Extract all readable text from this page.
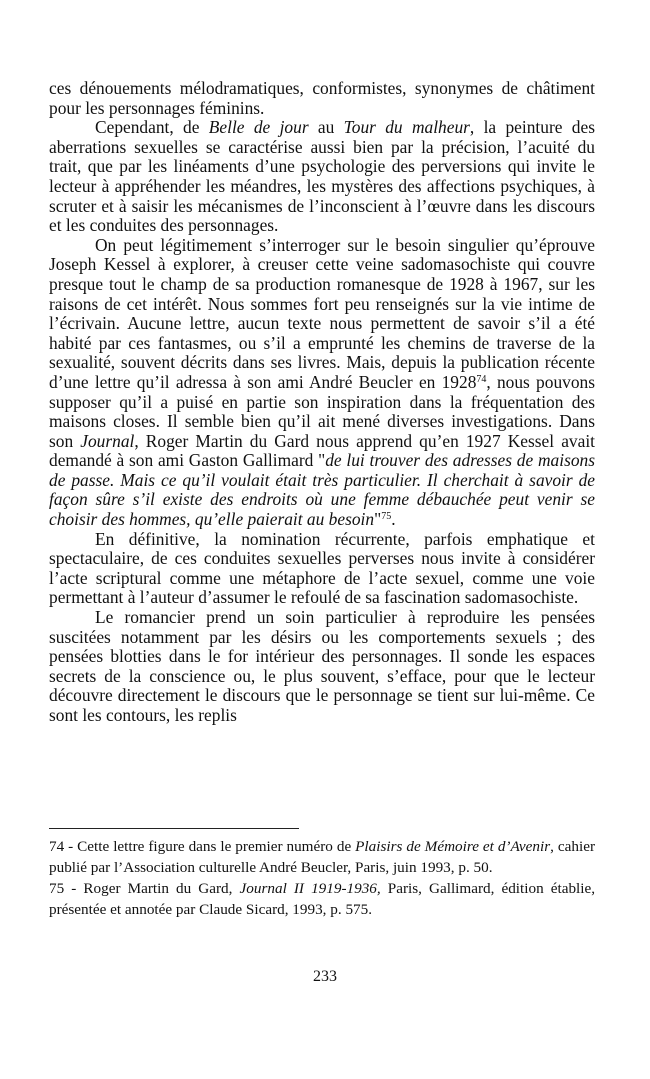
ces dénouements mélodramatiques, conformistes, synonymes de châtiment pour les personnages féminins.

Cependant, de Belle de jour au Tour du malheur, la peinture des aberrations sexuelles se caractérise aussi bien par la précision, l’acuité du trait, que par les linéaments d’une psychologie des perversions qui invite le lecteur à appréhender les méandres, les mystères des affections psychiques, à scruter et à saisir les mécanismes de l’inconscient à l’œuvre dans les discours et les conduites des personnages.

On peut légitimement s’interroger sur le besoin singulier qu’éprouve Joseph Kessel à explorer, à creuser cette veine sadomasochiste qui couvre presque tout le champ de sa production romanesque de 1928 à 1967, sur les raisons de cet intérêt. Nous sommes fort peu renseignés sur la vie intime de l’écrivain. Aucune lettre, aucun texte nous permettent de savoir s’il a été habité par ces fantasmes, ou s’il a emprunté les chemins de traverse de la sexualité, souvent décrits dans ses livres. Mais, depuis la publication récente d’une lettre qu’il adressa à son ami André Beucler en 1928$^{74}$, nous pouvons supposer qu’il a puisé en partie son inspiration dans la fréquentation des maisons closes. Il semble bien qu’il ait mené diverses investigations. Dans son Journal, Roger Martin du Gard nous apprend qu’en 1927 Kessel avait demandé à son ami Gaston Gallimard "de lui trouver des adresses de maisons de passe. Mais ce qu’il voulait était très particulier. Il cherchait à savoir de façon sûre s’il existe des endroits où une femme débauchée peut venir se choisir des hommes, qu’elle paierait au besoin"$^{75}$.

En définitive, la nomination récurrente, parfois emphatique et spectaculaire, de ces conduites sexuelles perverses nous invite à considérer l’acte scriptural comme une métaphore de l’acte sexuel, comme une voie permettant à l’auteur d’assumer le refoulé de sa fascination sadomasochiste.

Le romancier prend un soin particulier à reproduire les pensées suscitées notamment par les désirs ou les comportements sexuels ; des pensées blotties dans le for intérieur des personnages. Il sonde les espaces secrets de la conscience ou, le plus souvent, s’efface, pour que le lecteur découvre directement le discours que le personnage se tient sur lui-même. Ce sont les contours, les replis

74 - Cette lettre figure dans le premier numéro de Plaisirs de Mémoire et d’Avenir, cahier publié par l’Association culturelle André Beucler, Paris, juin 1993, p. 50.

75 - Roger Martin du Gard, Journal II 1919-1936, Paris, Gallimard, édition établie, présentée et annotée par Claude Sicard, 1993, p. 575.

233
